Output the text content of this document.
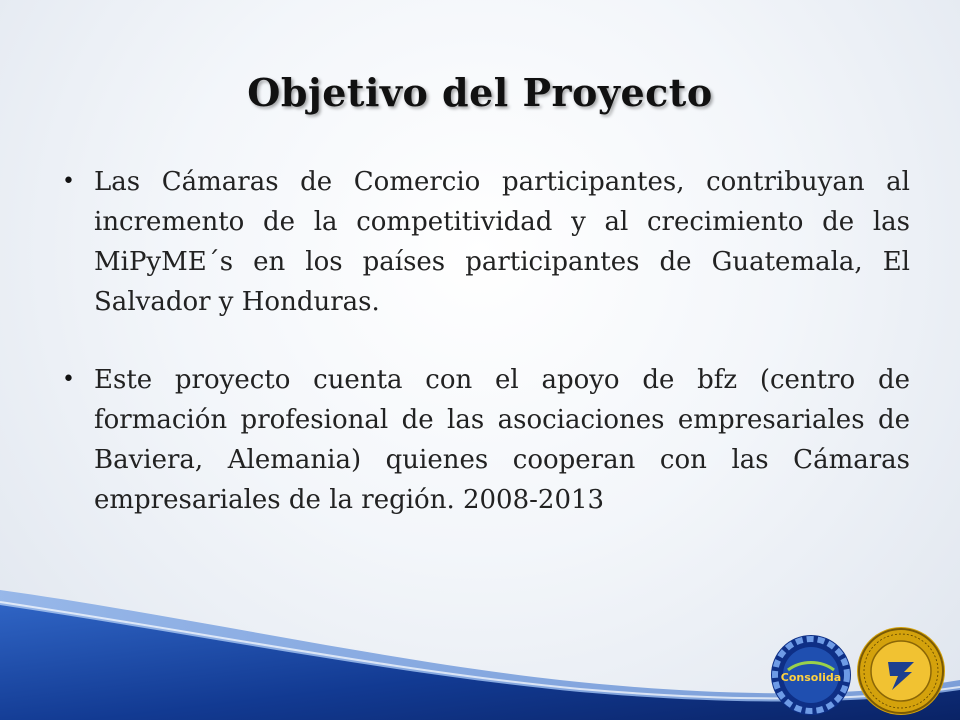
Objetivo del Proyecto
• Las Cámaras de Comercio participantes, contribuyan al incremento de la competitividad y al crecimiento de las MiPyME´s en los países participantes de Guatemala, El Salvador y Honduras.
• Este proyecto cuenta con el apoyo de bfz (centro de formación profesional de las asociaciones empresariales de Baviera, Alemania) quienes cooperan con las Cámaras empresariales de la región. 2008-2013
Consolida
